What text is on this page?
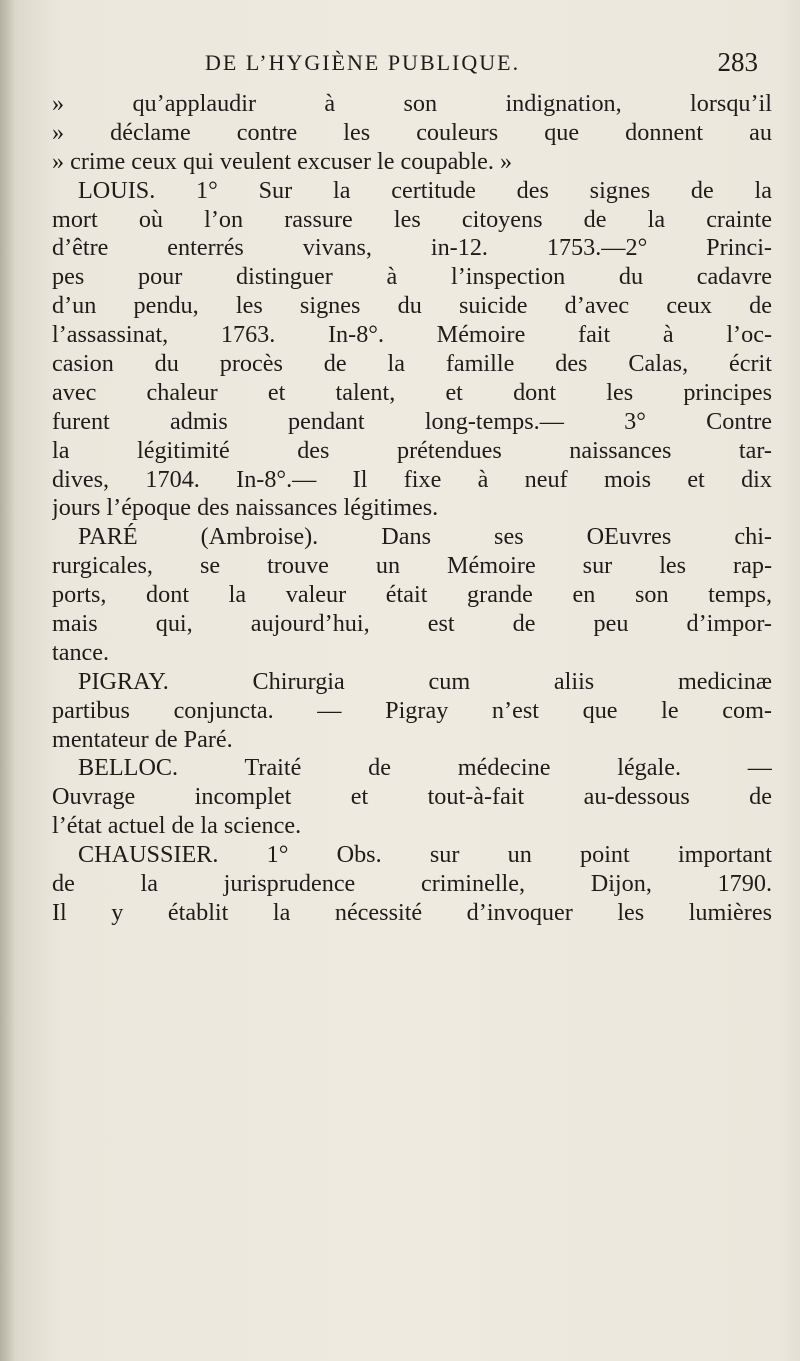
DE L’HYGIÈNE PUBLIQUE.	283
» qu’applaudir à son indignation, lorsqu’il
» déclame contre les couleurs que donnent au
» crime ceux qui veulent excuser le coupable. »
LOUIS. 1° Sur la certitude des signes de la
mort où l’on rassure les citoyens de la crainte
d’être enterrés vivans, in-12. 1753.—2° Princi-
pes pour distinguer à l’inspection du cadavre
d’un pendu, les signes du suicide d’avec ceux de
l’assassinat, 1763. In-8°. Mémoire fait à l’oc-
casion du procès de la famille des Calas, écrit
avec chaleur et talent, et dont les principes
furent admis pendant long-temps.— 3° Contre
la légitimité des prétendues naissances tar-
dives, 1704. In-8°.— Il fixe à neuf mois et dix
jours l’époque des naissances légitimes.
PARÉ (Ambroise). Dans ses OEuvres chi-
rurgicales, se trouve un Mémoire sur les rap-
ports, dont la valeur était grande en son temps,
mais qui, aujourd’hui, est de peu d’impor-
tance.
PIGRAY. Chirurgia cum aliis medicinæ
partibus conjuncta. — Pigray n’est que le com-
mentateur de Paré.
BELLOC. Traité de médecine légale. —
Ouvrage incomplet et tout-à-fait au-dessous de
l’état actuel de la science.
CHAUSSIER. 1° Obs. sur un point important
de la jurisprudence criminelle, Dijon, 1790.
Il y établit la nécessité d’invoquer les lumières
